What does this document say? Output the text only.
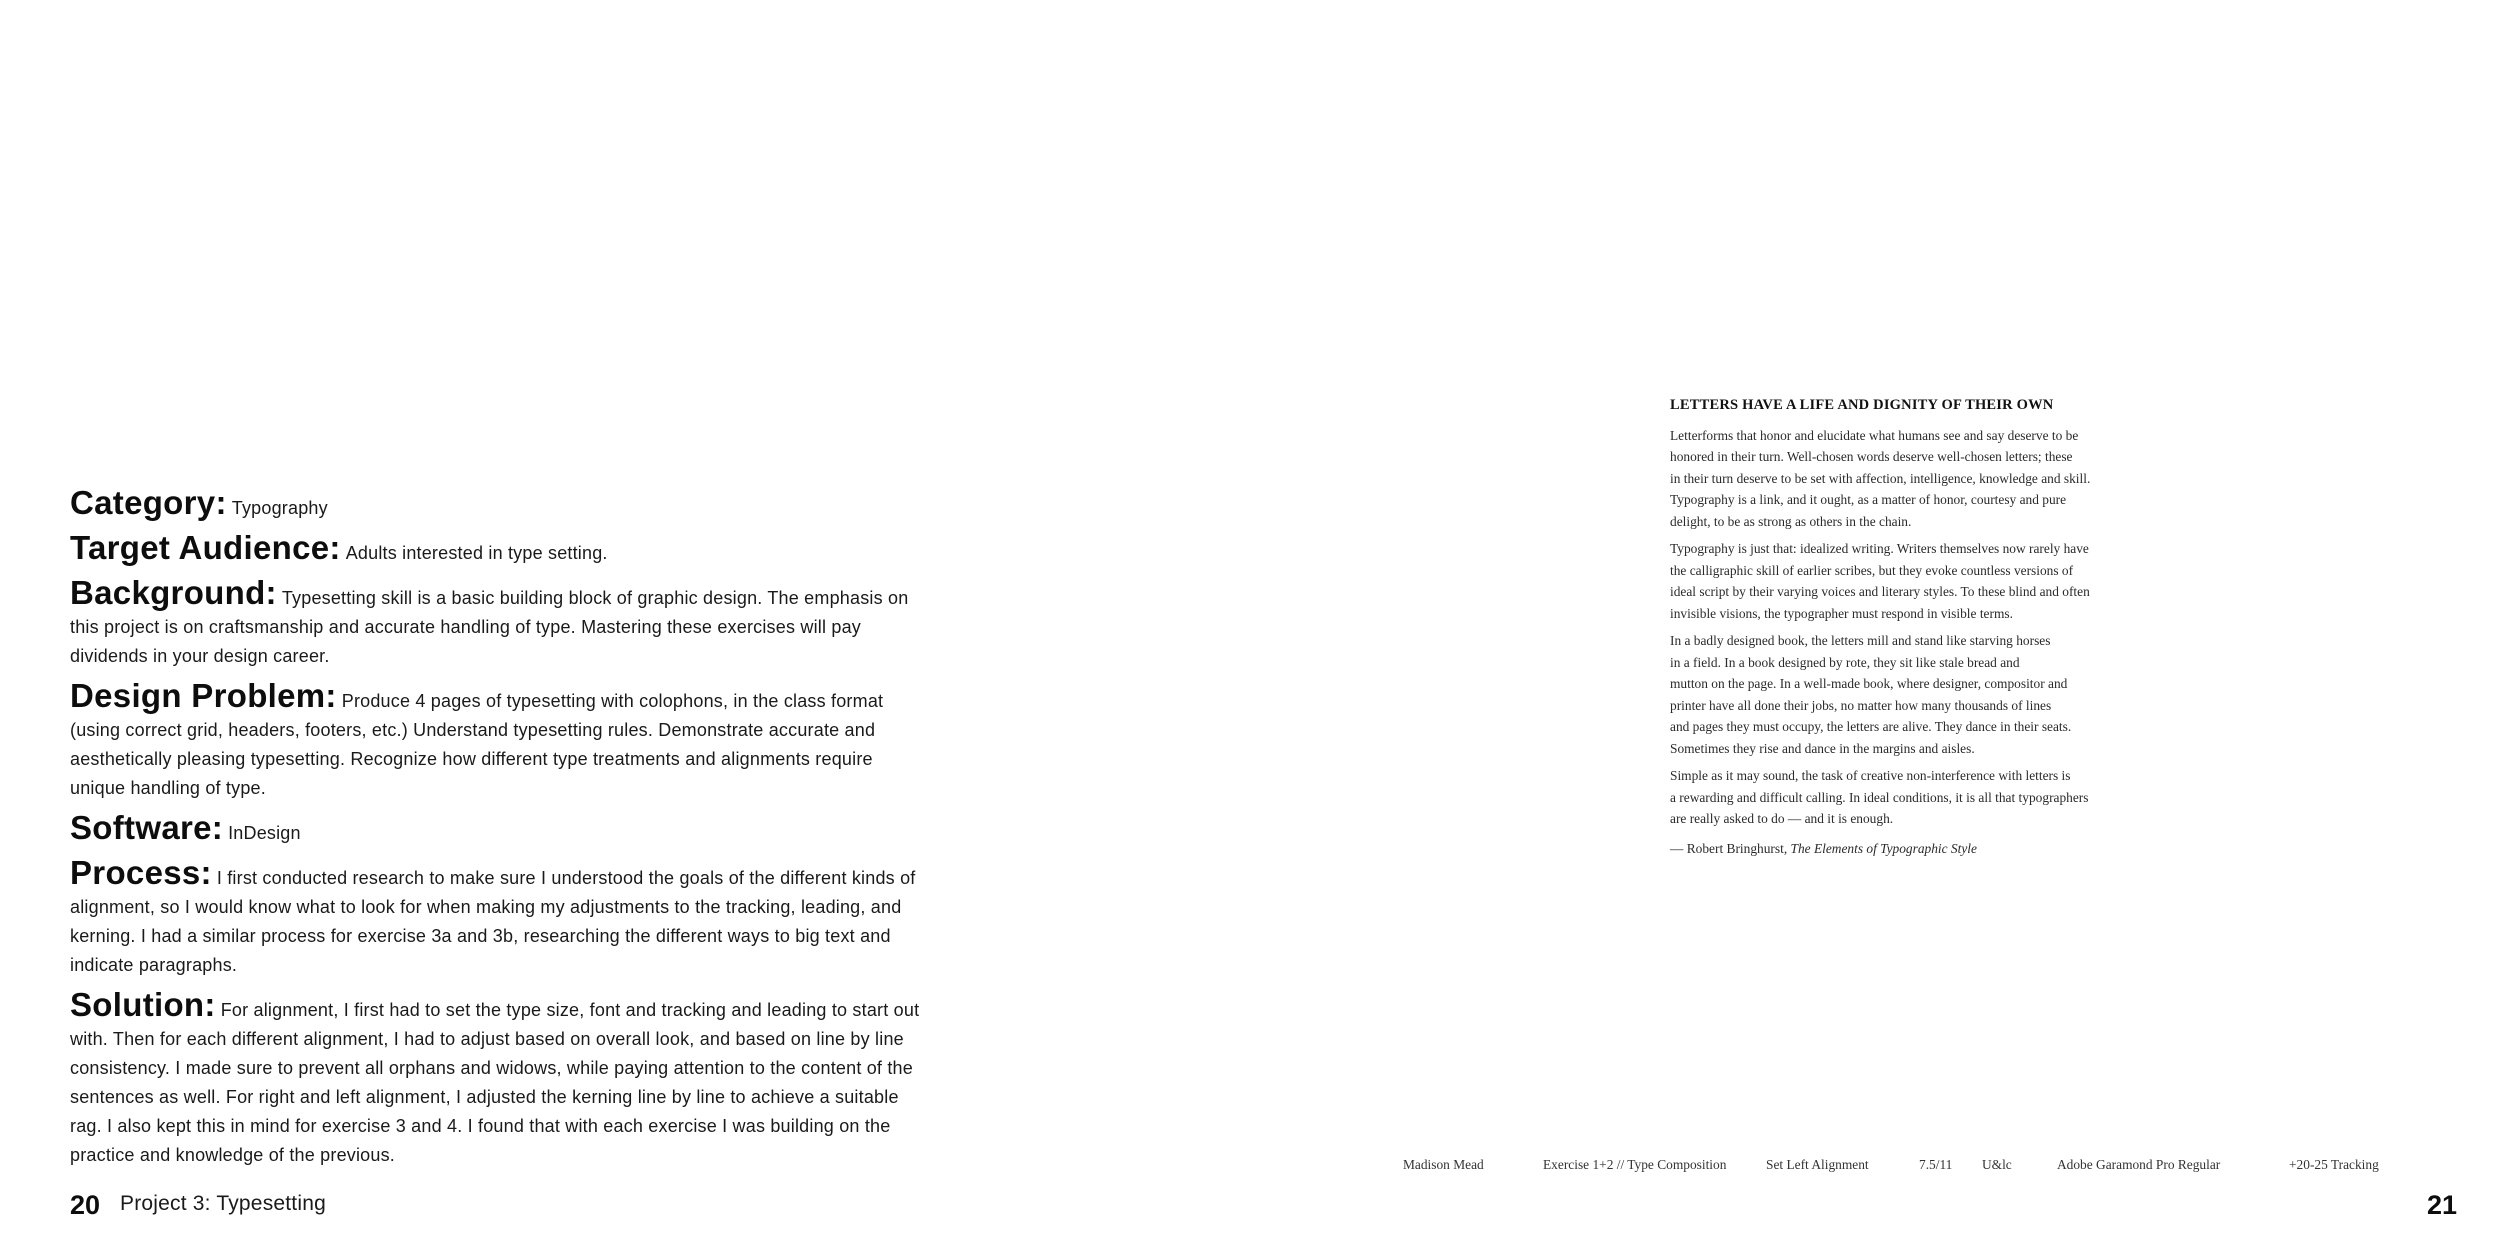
Category: Typography

Target Audience: Adults interested in type setting.

Background: Typesetting skill is a basic building block of graphic design. The emphasis on this project is on craftsmanship and accurate handling of type. Mastering these exercises will pay dividends in your design career.

Design Problem: Produce 4 pages of typesetting with colophons, in the class format (using correct grid, headers, footers, etc.) Understand typesetting rules. Demonstrate accurate and aesthetically pleasing typesetting. Recognize how different type treatments and alignments require unique handling of type.

Software: InDesign

Process: I first conducted research to make sure I understood the goals of the different kinds of alignment, so I would know what to look for when making my adjustments to the tracking, leading, and kerning. I had a similar process for exercise 3a and 3b, researching the different ways to big text and indicate paragraphs.

Solution: For alignment, I first had to set the type size, font and tracking and leading to start out with. Then for each different alignment, I had to adjust based on overall look, and based on line by line consistency. I made sure to prevent all orphans and widows, while paying attention to the content of the sentences as well. For right and left alignment, I adjusted the kerning line by line to achieve a suitable rag. I also kept this in mind for exercise 3 and 4. I found that with each exercise I was building on the practice and knowledge of the previous.

20 Project 3: Typesetting
LETTERS HAVE A LIFE AND DIGNITY OF THEIR OWN
Letterforms that honor and elucidate what humans see and say deserve to be
honored in their turn. Well-chosen words deserve well-chosen letters; these
in their turn deserve to be set with affection, intelligence, knowledge and skill.
Typography is a link, and it ought, as a matter of honor, courtesy and pure
delight, to be as strong as others in the chain.
Typography is just that: idealized writing. Writers themselves now rarely have
the calligraphic skill of earlier scribes, but they evoke countless versions of
ideal script by their varying voices and literary styles. To these blind and often
invisible visions, the typographer must respond in visible terms.
In a badly designed book, the letters mill and stand like starving horses
in a field. In a book designed by rote, they sit like stale bread and
mutton on the page. In a well-made book, where designer, compositor and
printer have all done their jobs, no matter how many thousands of lines
and pages they must occupy, the letters are alive. They dance in their seats.
Sometimes they rise and dance in the margins and aisles.
Simple as it may sound, the task of creative non-interference with letters is
a rewarding and difficult calling. In ideal conditions, it is all that typographers
are really asked to do — and it is enough.
— Robert Bringhurst, The Elements of Typographic Style
Madison Mead	Exercise 1+2 // Type Composition	Set Left Alignment	7.5/11 U&lc	Adobe Garamond Pro Regular	+20-25 Tracking
21
